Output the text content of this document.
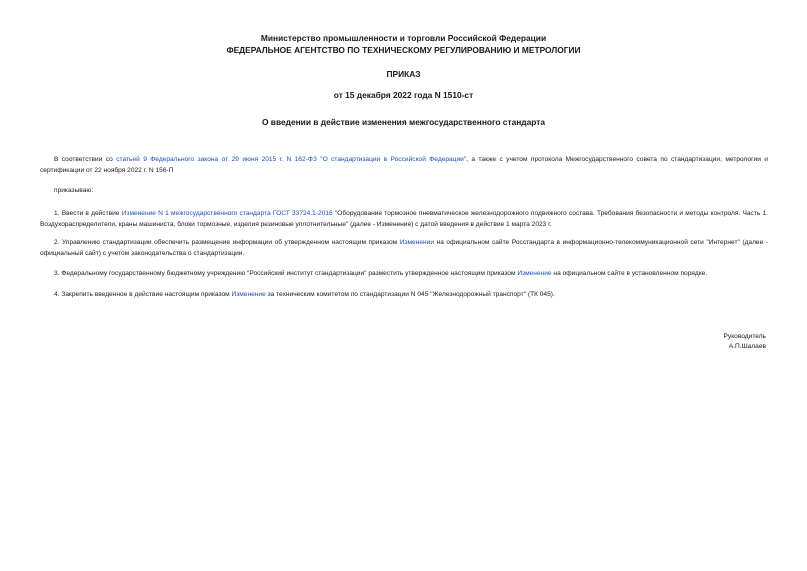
Министерство промышленности и торговли Российской Федерации
ФЕДЕРАЛЬНОЕ АГЕНТСТВО ПО ТЕХНИЧЕСКОМУ РЕГУЛИРОВАНИЮ И МЕТРОЛОГИИ
ПРИКАЗ
от 15 декабря 2022 года N 1510-ст
О введении в действие изменения межгосударственного стандарта
В соответствии со статьей 9 Федерального закона от 29 июня 2015 г. N 162-ФЗ "О стандартизации в Российской Федерации", а также с учетом протокола Межгосударственного совета по стандартизации, метрологии и сертификации от 22 ноября 2022 г. N 156-П
приказываю:
1. Ввести в действие Изменение N 1 межгосударственного стандарта ГОСТ 33724.1-2016 "Оборудование тормозное пневматическое железнодорожного подвижного состава. Требования безопасности и методы контроля. Часть 1. Воздухораспределители, краны машиниста, блоки тормозные, изделия резиновые уплотнительные" (далее - Изменение) с датой введения в действие 1 марта 2023 г.
2. Управлению стандартизации обеспечить размещение информации об утвержденном настоящим приказом Изменении на официальном сайте Росстандарта в информационно-телекоммуникационной сети "Интернет" (далее - официальный сайт) с учетом законодательства о стандартизации.
3. Федеральному государственному бюджетному учреждению "Российский институт стандартизации" разместить утвержденное настоящим приказом Изменение на официальном сайте в установленном порядке.
4. Закрепить введенное в действие настоящим приказом Изменение за техническим комитетом по стандартизации N 045 "Железнодорожный транспорт" (ТК 045).
Руководитель
А.П.Шалаев
